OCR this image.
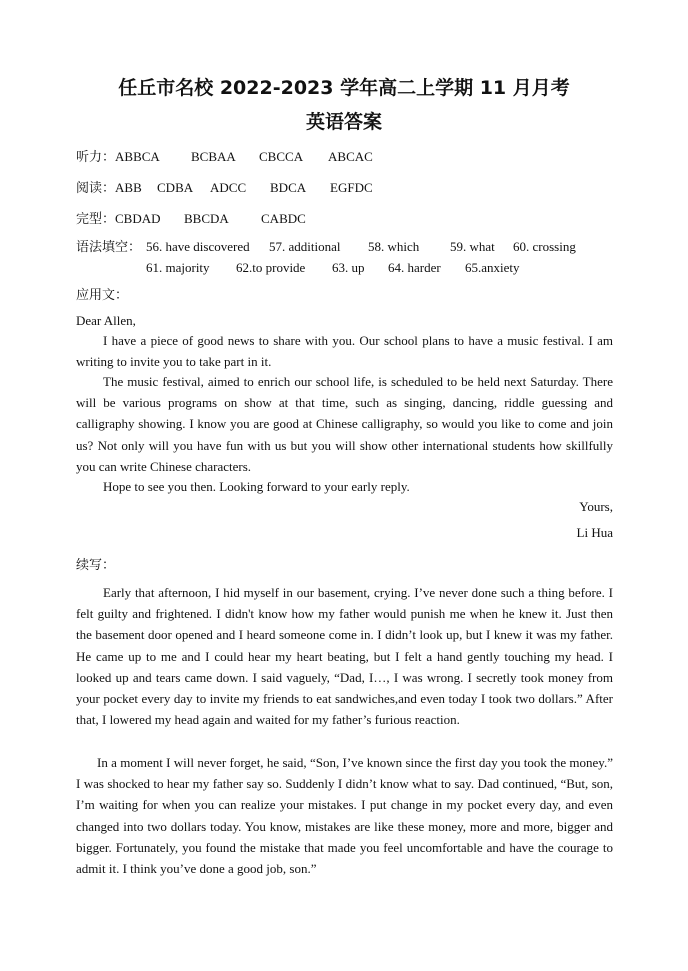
任丘市名校 2022-2023 学年高二上学期 11 月月考
英语答案
听力：ABBCA BCBAA CBCCA ABCAC
阅读：ABB CDBA ADCC BDCA EGFDC
完型：CBDAD BBCDA CABDC
语法填空： 56. have discovered 57. additional 58. which 59. what 60. crossing
61. majority 62.to provide 63. up 64. harder 65.anxiety
应用文：
Dear Allen,

I have a piece of good news to share with you. Our school plans to have a music festival. I am writing to invite you to take part in it.

The music festival, aimed to enrich our school life, is scheduled to be held next Saturday. There will be various programs on show at that time, such as singing, dancing, riddle guessing and calligraphy showing. I know you are good at Chinese calligraphy, so would you like to come and join us? Not only will you have fun with us but you will show other international students how skillfully you can write Chinese characters.

Hope to see you then. Looking forward to your early reply.

Yours,
Li Hua
续写：

Early that afternoon, I hid myself in our basement, crying. I’ve never done such a thing before. I felt guilty and frightened. I didn't know how my father would punish me when he knew it. Just then the basement door opened and I heard someone come in. I didn’t look up, but I knew it was my father. He came up to me and I could hear my heart beating, but I felt a hand gently touching my head. I looked up and tears came down. I said vaguely, “Dad, I…, I was wrong. I secretly took money from your pocket every day to invite my friends to eat sandwiches,and even today I took two dollars.” After that, I lowered my head again and waited for my father’s furious reaction.

In a moment I will never forget, he said, “Son, I’ve known since the first day you took the money.” I was shocked to hear my father say so. Suddenly I didn’t know what to say. Dad continued, “But, son, I’m waiting for when you can realize your mistakes. I put change in my pocket every day, and even changed into two dollars today. You know, mistakes are like these money, more and more, bigger and bigger. Fortunately, you found the mistake that made you feel uncomfortable and have the courage to admit it. I think you’ve done a good job, son.”
